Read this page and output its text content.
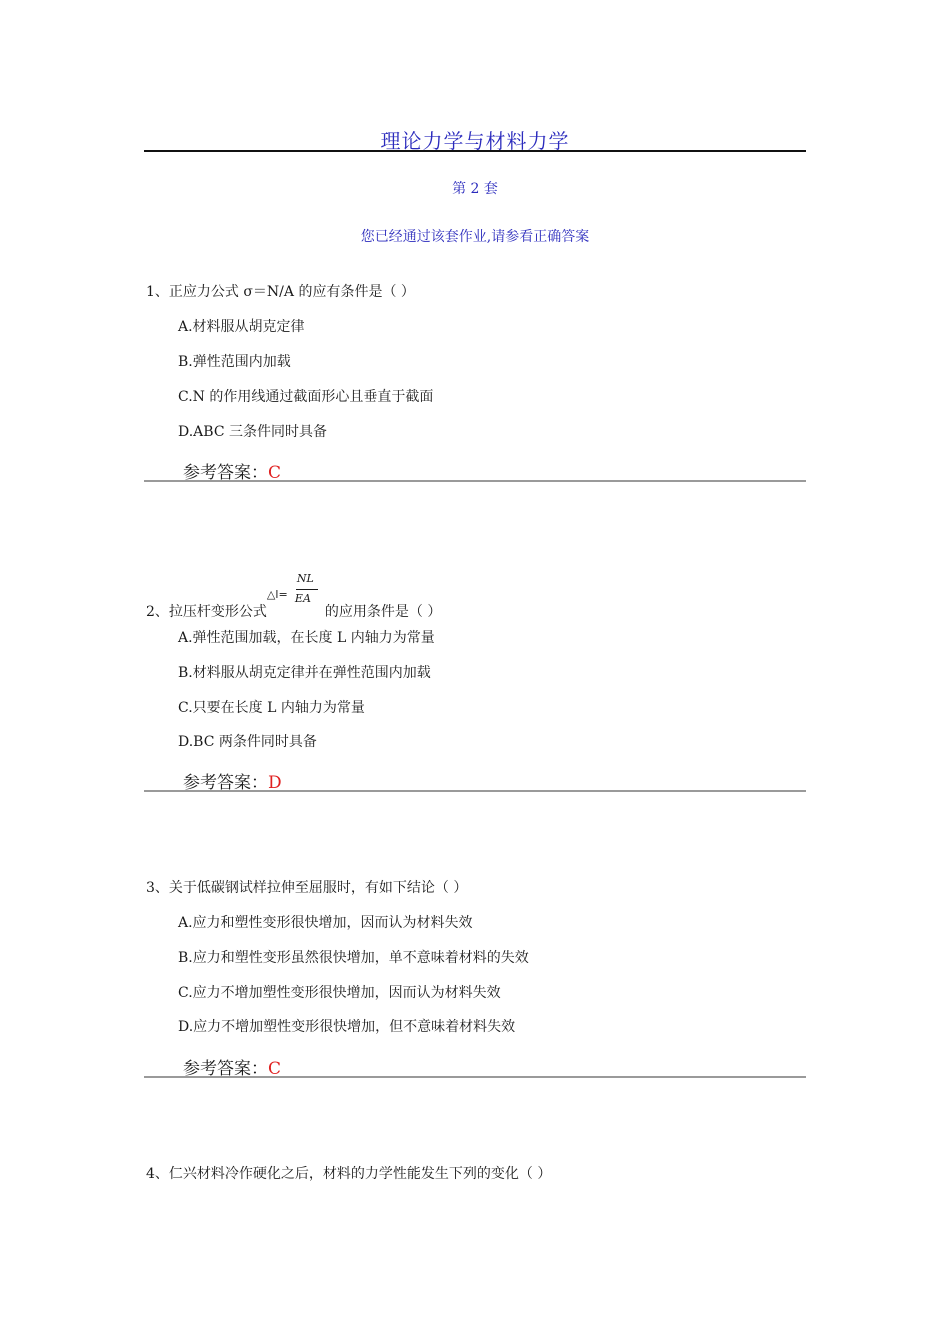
理论力学与材料力学
第 2 套
您已经通过该套作业,请参看正确答案
1、正应力公式 σ＝N/A 的应有条件是（ ）
A.材料服从胡克定律
B.弹性范围内加载
C.N 的作用线通过截面形心且垂直于截面
D.ABC 三条件同时具备
参考答案：C
2、拉压杆变形公式
△l=
NL
EA
的应用条件是（ ）
A.弹性范围加载，在长度 L 内轴力为常量
B.材料服从胡克定律并在弹性范围内加载
C.只要在长度 L 内轴力为常量
D.BC 两条件同时具备
参考答案：D
3、关于低碳钢试样拉伸至屈服时，有如下结论（ ）
A.应力和塑性变形很快增加，因而认为材料失效
B.应力和塑性变形虽然很快增加，单不意味着材料的失效
C.应力不增加塑性变形很快增加，因而认为材料失效
D.应力不增加塑性变形很快增加，但不意味着材料失效
参考答案：C
4、仁兴材料冷作硬化之后，材料的力学性能发生下列的变化（ ）
